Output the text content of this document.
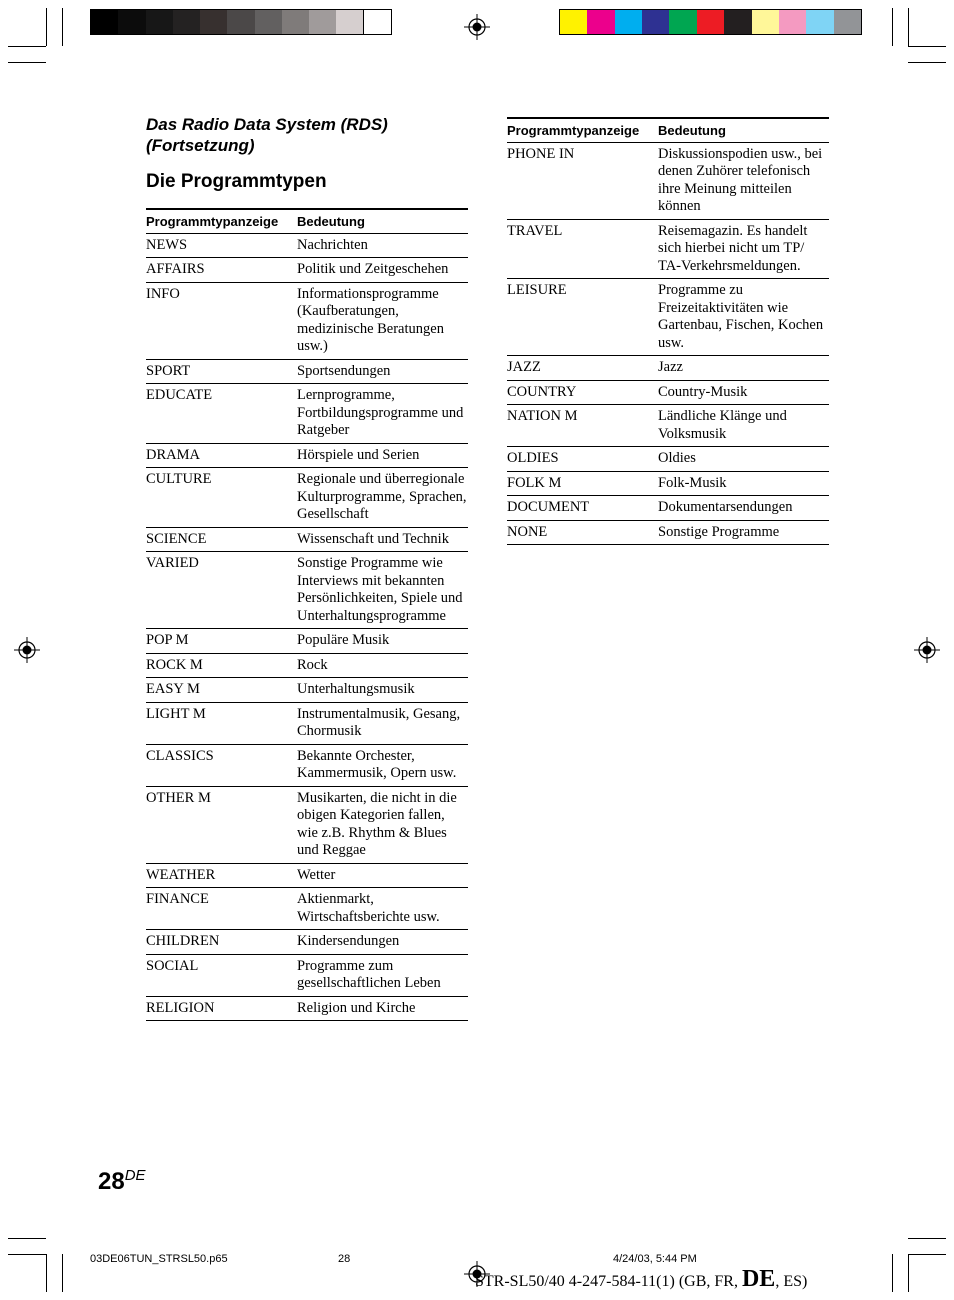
Das Radio Data System (RDS) (Fortsetzung)
Die Programmtypen
Programmtypanzeige	Bedeutung
NEWS	Nachrichten
AFFAIRS	Politik und Zeitgeschehen
INFO	Informationsprogramme (Kaufberatungen, medizinische Beratungen usw.)
SPORT	Sportsendungen
EDUCATE	Lernprogramme, Fortbildungsprogramme und Ratgeber
DRAMA	Hörspiele und Serien
CULTURE	Regionale und überregionale Kulturprogramme, Sprachen, Gesellschaft
SCIENCE	Wissenschaft und Technik
VARIED	Sonstige Programme wie Interviews mit bekannten Persönlichkeiten, Spiele und Unterhaltungsprogramme
POP M	Populäre Musik
ROCK M	Rock
EASY M	Unterhaltungsmusik
LIGHT M	Instrumentalmusik, Gesang, Chormusik
CLASSICS	Bekannte Orchester, Kammermusik, Opern usw.
OTHER M	Musikarten, die nicht in die obigen Kategorien fallen, wie z.B. Rhythm & Blues und Reggae
WEATHER	Wetter
FINANCE	Aktienmarkt, Wirtschaftsberichte usw.
CHILDREN	Kindersendungen
SOCIAL	Programme zum gesellschaftlichen Leben
RELIGION	Religion und Kirche
Programmtypanzeige	Bedeutung
PHONE IN	Diskussionspodien usw., bei denen Zuhörer telefonisch ihre Meinung mitteilen können
TRAVEL	Reisemagazin. Es handelt sich hierbei nicht um TP/ TA-Verkehrsmeldungen.
LEISURE	Programme zu Freizeitaktivitäten wie Gartenbau, Fischen, Kochen usw.
JAZZ	Jazz
COUNTRY	Country-Musik
NATION M	Ländliche Klänge und Volksmusik
OLDIES	Oldies
FOLK M	Folk-Musik
DOCUMENT	Dokumentarsendungen
NONE	Sonstige Programme
28DE
03DE06TUN_STRSL50.p65	28	4/24/03, 5:44 PM
STR-SL50/40 4-247-584-11(1) (GB, FR, DE, ES)
